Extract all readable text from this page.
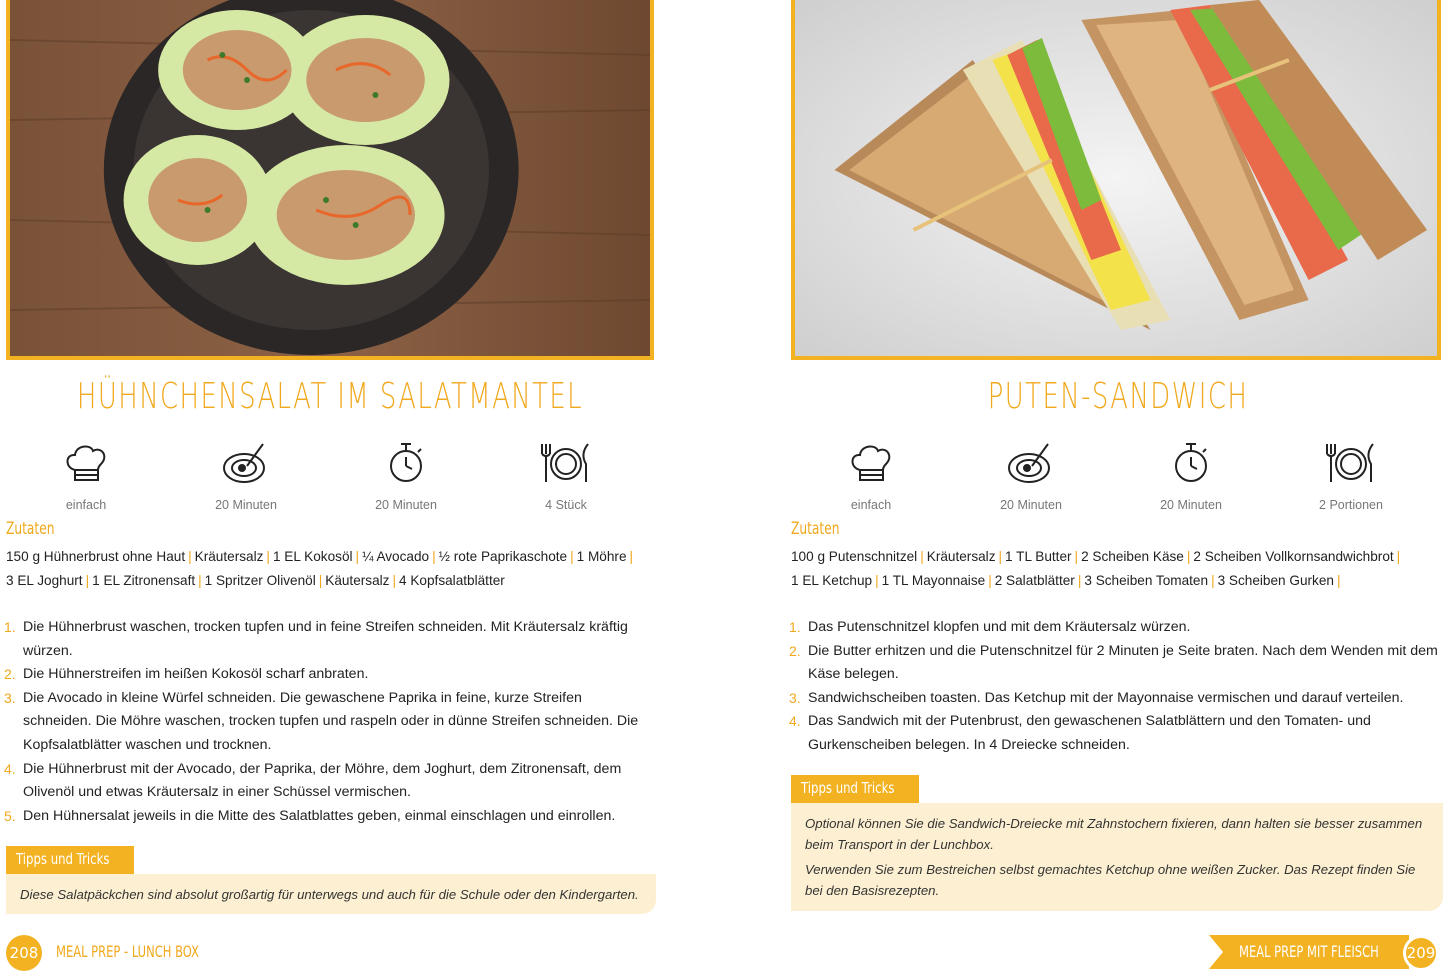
HÜHNCHENSALAT IM SALATMANTEL
einfach	20 Minuten	20 Minuten	4 Stück
Zutaten
150 g Hühnerbrust ohne Haut | Kräutersalz | 1 EL Kokosöl | ¼ Avocado | ½ rote Paprikaschote | 1 Möhre |
3 EL Joghurt | 1 EL Zitronensaft | 1 Spritzer Olivenöl | Käutersalz | 4 Kopfsalatblätter
1. Die Hühnerbrust waschen, trocken tupfen und in feine Streifen schneiden. Mit Kräutersalz kräftig würzen.
2. Die Hühnerstreifen im heißen Kokosöl scharf anbraten.
3. Die Avocado in kleine Würfel schneiden. Die gewaschene Paprika in feine, kurze Streifen schneiden. Die Möhre waschen, trocken tupfen und raspeln oder in dünne Streifen schneiden. Die Kopfsalatblätter waschen und trocknen.
4. Die Hühnerbrust mit der Avocado, der Paprika, der Möhre, dem Joghurt, dem Zitronensaft, dem Olivenöl und etwas Kräutersalz in einer Schüssel vermischen.
5. Den Hühnersalat jeweils in die Mitte des Salatblattes geben, einmal einschlagen und einrollen.
Tipps und Tricks

Diese Salatpäckchen sind absolut großartig für unterwegs und auch für die Schule oder den Kindergarten.

208 MEAL PREP - LUNCH BOX
PUTEN-SANDWICH
einfach	20 Minuten	20 Minuten	2 Portionen
Zutaten
100 g Putenschnitzel | Kräutersalz | 1 TL Butter | 2 Scheiben Käse | 2 Scheiben Vollkornsandwichbrot |
1 EL Ketchup | 1 TL Mayonnaise | 2 Salatblätter | 3 Scheiben Tomaten | 3 Scheiben Gurken |
1. Das Putenschnitzel klopfen und mit dem Kräutersalz würzen.
2. Die Butter erhitzen und die Putenschnitzel für 2 Minuten je Seite braten. Nach dem Wenden mit dem Käse belegen.
3. Sandwichscheiben toasten. Das Ketchup mit der Mayonnaise vermischen und darauf verteilen.
4. Das Sandwich mit der Putenbrust, den gewaschenen Salatblättern und den Tomaten- und Gurkenscheiben belegen. In 4 Dreiecke schneiden.
Tipps und Tricks

Optional können Sie die Sandwich-Dreiecke mit Zahnstochern fixieren, dann halten sie besser zusammen beim Transport in der Lunchbox.

Verwenden Sie zum Bestreichen selbst gemachtes Ketchup ohne weißen Zucker. Das Rezept finden Sie bei den Basisrezepten.

MEAL PREP MIT FLEISCH 209
